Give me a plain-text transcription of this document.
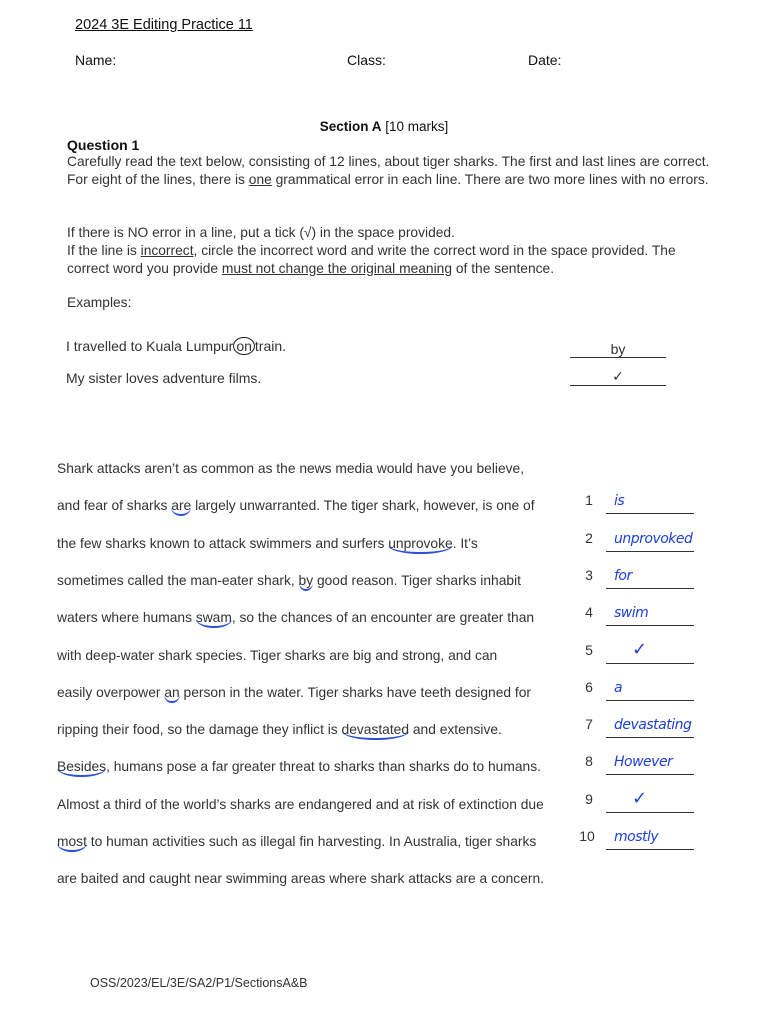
2024 3E Editing Practice 11
Name:	Class:	Date:
Section A [10 marks]
Question 1
Carefully read the text below, consisting of 12 lines, about tiger sharks. The first and last lines are correct. For eight of the lines, there is one grammatical error in each line. There are two more lines with no errors.
If there is NO error in a line, put a tick (√) in the space provided.
If the line is incorrect, circle the incorrect word and write the correct word in the space provided. The correct word you provide must not change the original meaning of the sentence.
Examples:
I travelled to Kuala Lumpur on train.	by
My sister loves adventure films.	✓
Shark attacks aren’t as common as the news media would have you believe,
and fear of sharks are largely unwarranted. The tiger shark, however, is one of	1	is
the few sharks known to attack swimmers and surfers unprovoke. It’s	2	unprovoked
sometimes called the man-eater shark, by good reason. Tiger sharks inhabit	3	for
waters where humans swam, so the chances of an encounter are greater than	4	swim
with deep-water shark species. Tiger sharks are big and strong, and can	5	✓
easily overpower an person in the water. Tiger sharks have teeth designed for	6	a
ripping their food, so the damage they inflict is devastated and extensive.	7	devastating
Besides, humans pose a far greater threat to sharks than sharks do to humans.	8	However
Almost a third of the world’s sharks are endangered and at risk of extinction due	9	✓
most to human activities such as illegal fin harvesting. In Australia, tiger sharks	10	mostly
are baited and caught near swimming areas where shark attacks are a concern.
OSS/2023/EL/3E/SA2/P1/SectionsA&B
